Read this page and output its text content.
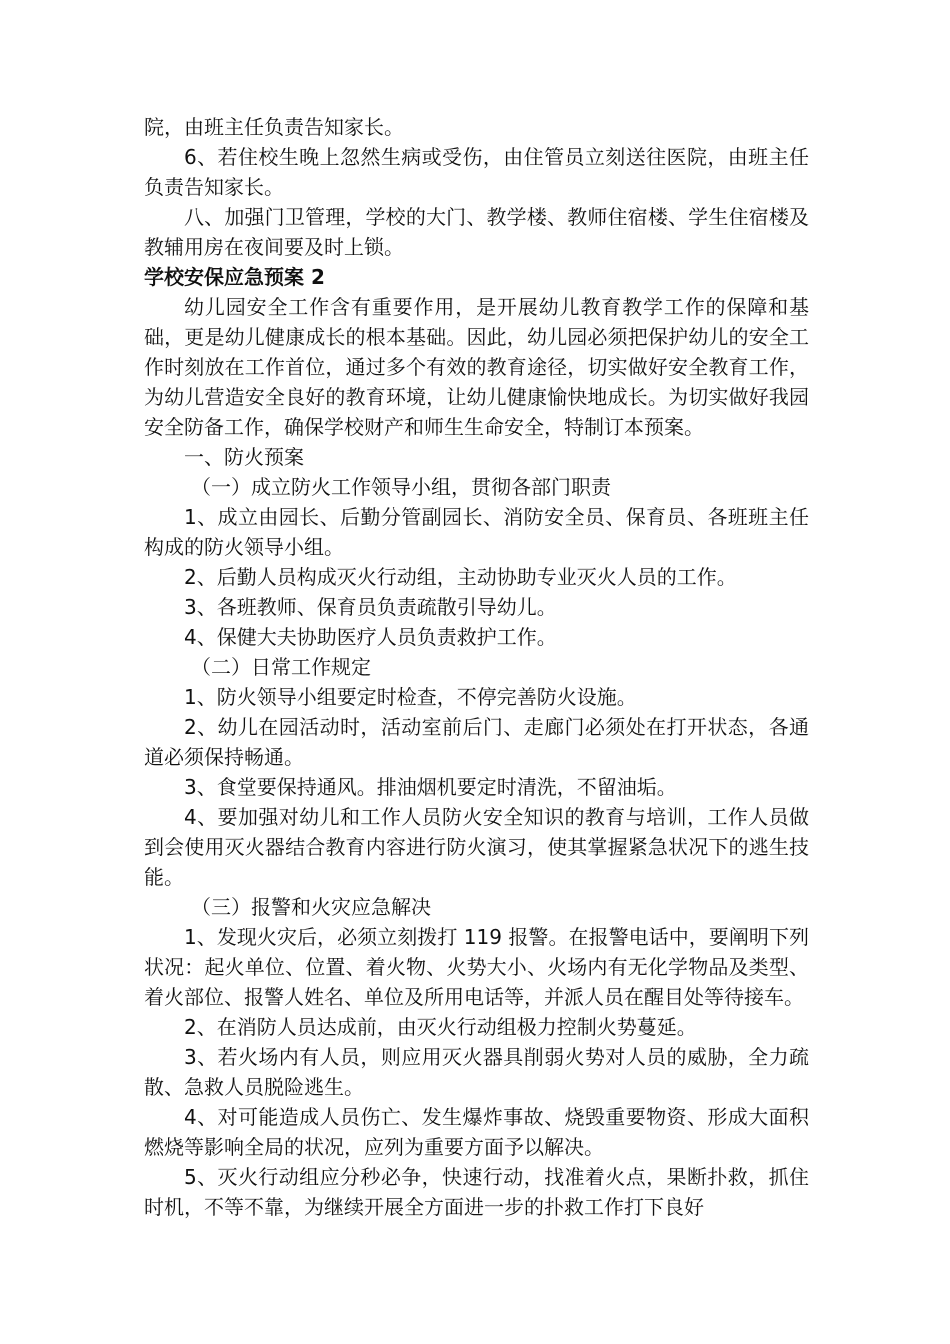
院，由班主任负责告知家长。

6、若住校生晚上忽然生病或受伤，由住管员立刻送往医院，由班主任负责告知家长。

八、加强门卫管理，学校的大门、教学楼、教师住宿楼、学生住宿楼及教辅用房在夜间要及时上锁。

学校安保应急预案 2

幼儿园安全工作含有重要作用，是开展幼儿教育教学工作的保障和基础，更是幼儿健康成长的根本基础。因此，幼儿园必须把保护幼儿的安全工作时刻放在工作首位，通过多个有效的教育途径，切实做好安全教育工作，为幼儿营造安全良好的教育环境，让幼儿健康愉快地成长。为切实做好我园安全防备工作，确保学校财产和师生生命安全，特制订本预案。

一、防火预案

（一）成立防火工作领导小组，贯彻各部门职责

1、成立由园长、后勤分管副园长、消防安全员、保育员、各班班主任构成的防火领导小组。

2、后勤人员构成灭火行动组，主动协助专业灭火人员的工作。

3、各班教师、保育员负责疏散引导幼儿。

4、保健大夫协助医疗人员负责救护工作。

（二）日常工作规定

1、防火领导小组要定时检查，不停完善防火设施。

2、幼儿在园活动时，活动室前后门、走廊门必须处在打开状态，各通道必须保持畅通。

3、食堂要保持通风。排油烟机要定时清洗，不留油垢。

4、要加强对幼儿和工作人员防火安全知识的教育与培训，工作人员做到会使用灭火器结合教育内容进行防火演习，使其掌握紧急状况下的逃生技能。

（三）报警和火灾应急解决

1、发现火灾后，必须立刻拨打 119 报警。在报警电话中，要阐明下列状况：起火单位、位置、着火物、火势大小、火场内有无化学物品及类型、着火部位、报警人姓名、单位及所用电话等，并派人员在醒目处等待接车。

2、在消防人员达成前，由灭火行动组极力控制火势蔓延。

3、若火场内有人员，则应用灭火器具削弱火势对人员的威胁，全力疏散、急救人员脱险逃生。

4、对可能造成人员伤亡、发生爆炸事故、烧毁重要物资、形成大面积燃烧等影响全局的状况，应列为重要方面予以解决。

5、灭火行动组应分秒必争，快速行动，找准着火点，果断扑救，抓住时机，不等不靠，为继续开展全方面进一步的扑救工作打下良好
